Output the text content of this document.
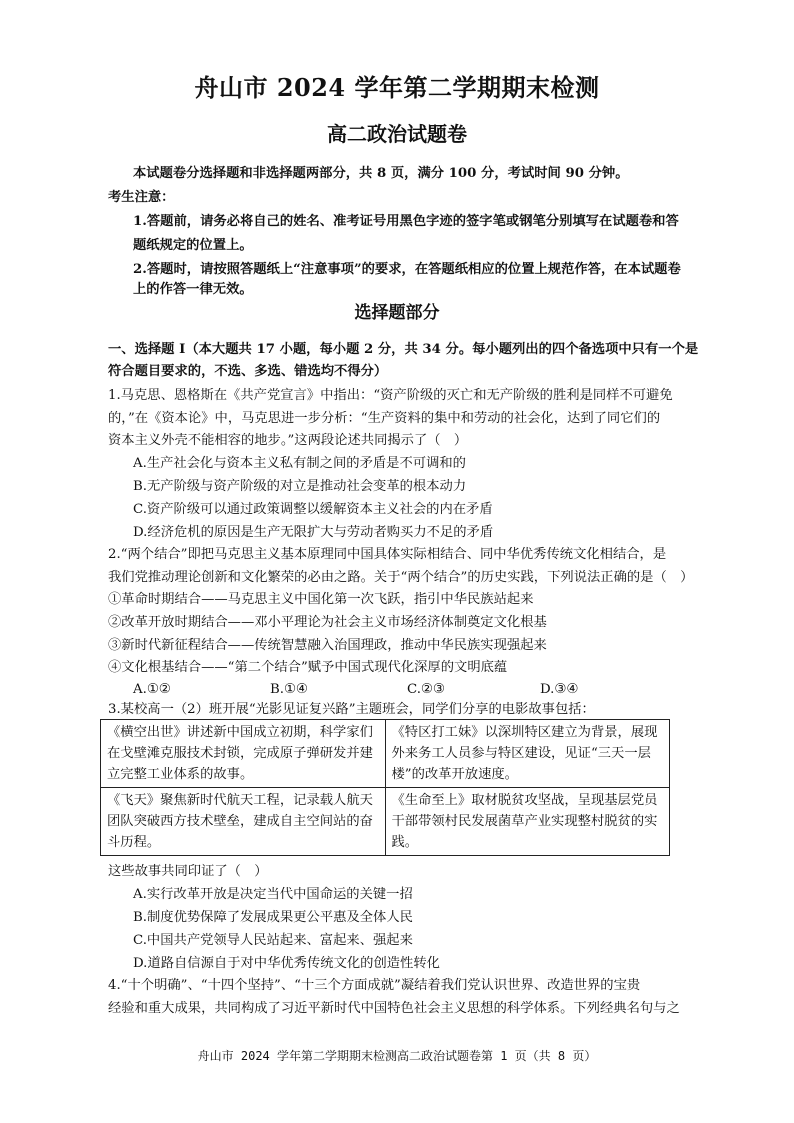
舟山市 2024 学年第二学期期末检测
高二政治试题卷
本试题卷分选择题和非选择题两部分，共 8 页，满分 100 分，考试时间 90 分钟。
考生注意：
1.答题前，请务必将自己的姓名、准考证号用黑色字迹的签字笔或钢笔分别填写在试题卷和答
题纸规定的位置上。
2.答题时，请按照答题纸上“注意事项”的要求，在答题纸相应的位置上规范作答，在本试题卷
上的作答一律无效。
选择题部分
一、选择题 I（本大题共 17 小题，每小题 2 分，共 34 分。每小题列出的四个备选项中只有一个是
符合题目要求的，不选、多选、错选均不得分）
1.马克思、恩格斯在《共产党宣言》中指出：“资产阶级的灭亡和无产阶级的胜利是同样不可避免
的，”在《资本论》中，马克思进一步分析：“生产资料的集中和劳动的社会化，达到了同它们的
资本主义外壳不能相容的地步。”这两段论述共同揭示了（　）
A.生产社会化与资本主义私有制之间的矛盾是不可调和的
B.无产阶级与资产阶级的对立是推动社会变革的根本动力
C.资产阶级可以通过政策调整以缓解资本主义社会的内在矛盾
D.经济危机的原因是生产无限扩大与劳动者购买力不足的矛盾
2.“两个结合”即把马克思主义基本原理同中国具体实际相结合、同中华优秀传统文化相结合，是
我们党推动理论创新和文化繁荣的必由之路。关于“两个结合”的历史实践，下列说法正确的是（　）
①革命时期结合——马克思主义中国化第一次飞跃，指引中华民族站起来
②改革开放时期结合——邓小平理论为社会主义市场经济体制奠定文化根基
③新时代新征程结合——传统智慧融入治国理政，推动中华民族实现强起来
④文化根基结合——“第二个结合”赋予中国式现代化深厚的文明底蕴
A.①②	B.①④	C.②③	D.③④
3.某校高一（2）班开展“光影见证复兴路”主题班会，同学们分享的电影故事包括：
《横空出世》讲述新中国成立初期，科学家们在戈壁滩克服技术封锁，完成原子弹研发并建立完整工业体系的故事。	《特区打工妹》以深圳特区建立为背景，展现外来务工人员参与特区建设，见证“三天一层楼”的改革开放速度。
《飞天》聚焦新时代航天工程，记录载人航天团队突破西方技术壁垒，建成自主空间站的奋斗历程。	《生命至上》取材脱贫攻坚战，呈现基层党员干部带领村民发展菌草产业实现整村脱贫的实践。
这些故事共同印证了（　）
A.实行改革开放是决定当代中国命运的关键一招
B.制度优势保障了发展成果更公平惠及全体人民
C.中国共产党领导人民站起来、富起来、强起来
D.道路自信源自于对中华优秀传统文化的创造性转化
4.“十个明确”、“十四个坚持”、“十三个方面成就”凝结着我们党认识世界、改造世界的宝贵
经验和重大成果，共同构成了习近平新时代中国特色社会主义思想的科学体系。下列经典名句与之
舟山市 2024 学年第二学期期末检测高二政治试题卷第 1 页（共 8 页）
